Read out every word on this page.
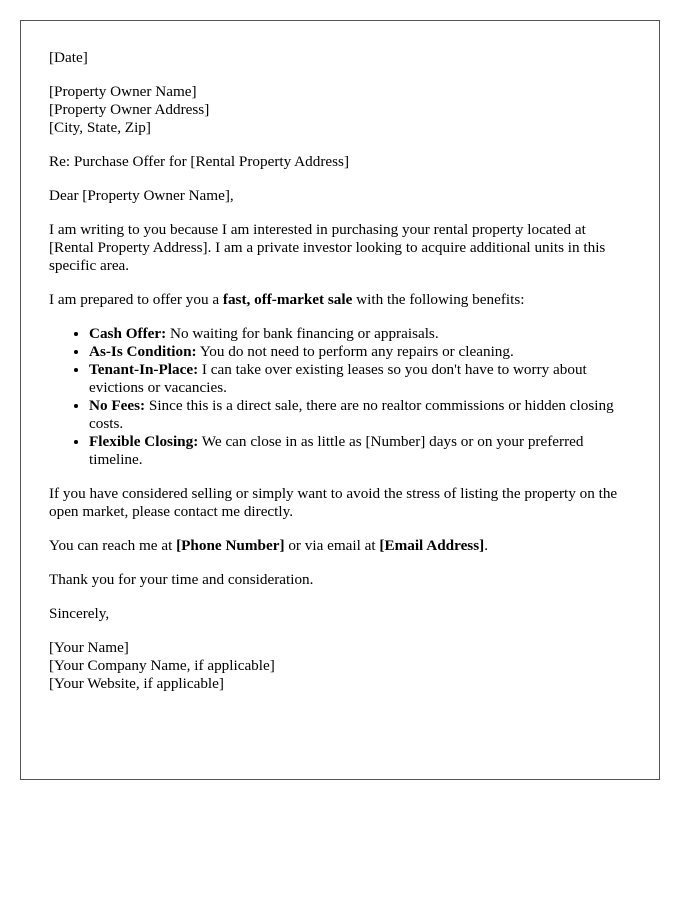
[Date]
[Property Owner Name]
[Property Owner Address]
[City, State, Zip]
Re: Purchase Offer for [Rental Property Address]
Dear [Property Owner Name],
I am writing to you because I am interested in purchasing your rental property located at [Rental Property Address]. I am a private investor looking to acquire additional units in this specific area.
I am prepared to offer you a fast, off-market sale with the following benefits:
• Cash Offer: No waiting for bank financing or appraisals.
• As-Is Condition: You do not need to perform any repairs or cleaning.
• Tenant-In-Place: I can take over existing leases so you don't have to worry about evictions or vacancies.
• No Fees: Since this is a direct sale, there are no realtor commissions or hidden closing costs.
• Flexible Closing: We can close in as little as [Number] days or on your preferred timeline.
If you have considered selling or simply want to avoid the stress of listing the property on the open market, please contact me directly.
You can reach me at [Phone Number] or via email at [Email Address].
Thank you for your time and consideration.
Sincerely,
[Your Name]
[Your Company Name, if applicable]
[Your Website, if applicable]
